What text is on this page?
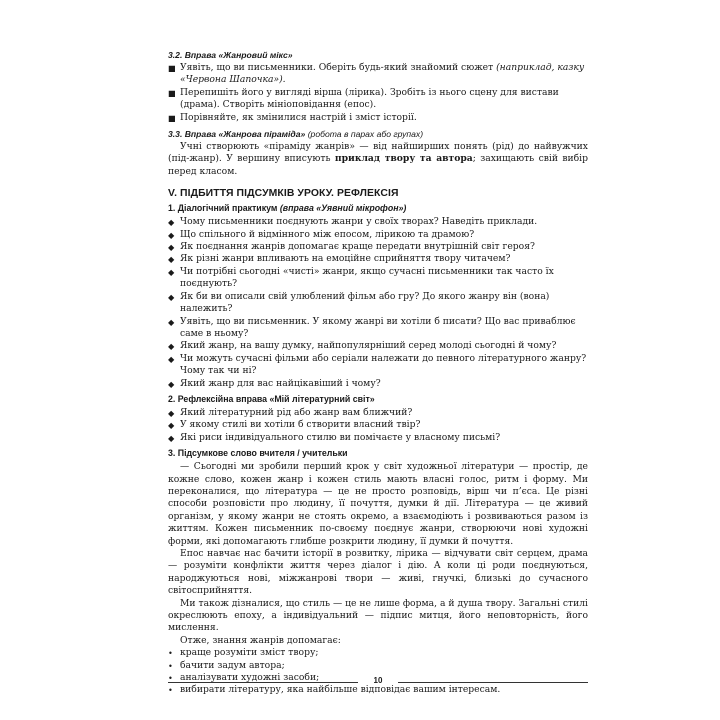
3.2. Вправа «Жанровий мікс»
■ Уявіть, що ви письменники. Оберіть будь-який знайомий сюжет (наприклад, казку «Червона Шапочка»).
■ Перепишіть його у вигляді вірша (лірика). Зробіть із нього сцену для вистави (драма). Створіть мініоповідання (епос).
■ Порівняйте, як змінилися настрій і зміст історії.
3.3. Вправа «Жанрова піраміда» (робота в парах або групах)

Учні створюють «піраміду жанрів» — від найширших понять (рід) до найвужчих (під-жанр). У вершину вписують приклад твору та автора; захищають свій вибір перед класом.

V. ПІДБИТТЯ ПІДСУМКІВ УРОКУ. РЕФЛЕКСІЯ
1. Діалогічний практикум (вправа «Уявний мікрофон»)
◆ Чому письменники поєднують жанри у своїх творах? Наведіть приклади.
◆ Що спільного й відмінного між епосом, лірикою та драмою?
◆ Як поєднання жанрів допомагає краще передати внутрішній світ героя?
◆ Як різні жанри впливають на емоційне сприйняття твору читачем?
◆ Чи потрібні сьогодні «чисті» жанри, якщо сучасні письменники так часто їх поєднують?
◆ Як би ви описали свій улюблений фільм або гру? До якого жанру він (вона) належить?
◆ Уявіть, що ви письменник. У якому жанрі ви хотіли б писати? Що вас приваблює саме в ньому?
◆ Який жанр, на вашу думку, найпопулярніший серед молоді сьогодні й чому?
◆ Чи можуть сучасні фільми або серіали належати до певного літературного жанру? Чому так чи ні?
◆ Який жанр для вас найцікавіший і чому?
2. Рефлексійна вправа «Мій літературний світ»
◆ Який літературний рід або жанр вам ближчий?
◆ У якому стилі ви хотіли б створити власний твір?
◆ Які риси індивідуального стилю ви помічаєте у власному письмі?
3. Підсумкове слово вчителя / учительки

— Сьогодні ми зробили перший крок у світ художньої літератури — простір, де кожне слово, кожен жанр і кожен стиль мають власні голос, ритм і форму. Ми переконалися, що література — це не просто розповідь, вірш чи п’єса. Це різні способи розповісти про людину, її почуття, думки й дії. Література — це живий організм, у якому жанри не стоять окремо, а взаємодіють і розвиваються разом із життям. Кожен письменник по-своєму поєднує жанри, створюючи нові художні форми, які допомагають глибше розкрити людину, її думки й почуття.

Епос навчає нас бачити історії в розвитку, лірика — відчувати світ серцем, драма — розуміти конфлікти життя через діалог і дію. А коли ці роди поєднуються, народжуються нові, міжжанрові твори — живі, гнучкі, близькі до сучасного світосприйняття.

Ми також дізналися, що стиль — це не лише форма, а й душа твору. Загальні стилі окреслюють епоху, а індивідуальний — підпис митця, його неповторність, його мислення.

Отже, знання жанрів допомагає:

• краще розуміти зміст твору;
• бачити задум автора;
• аналізувати художні засоби;
• вибирати літературу, яка найбільше відповідає вашим інтересам.
10
